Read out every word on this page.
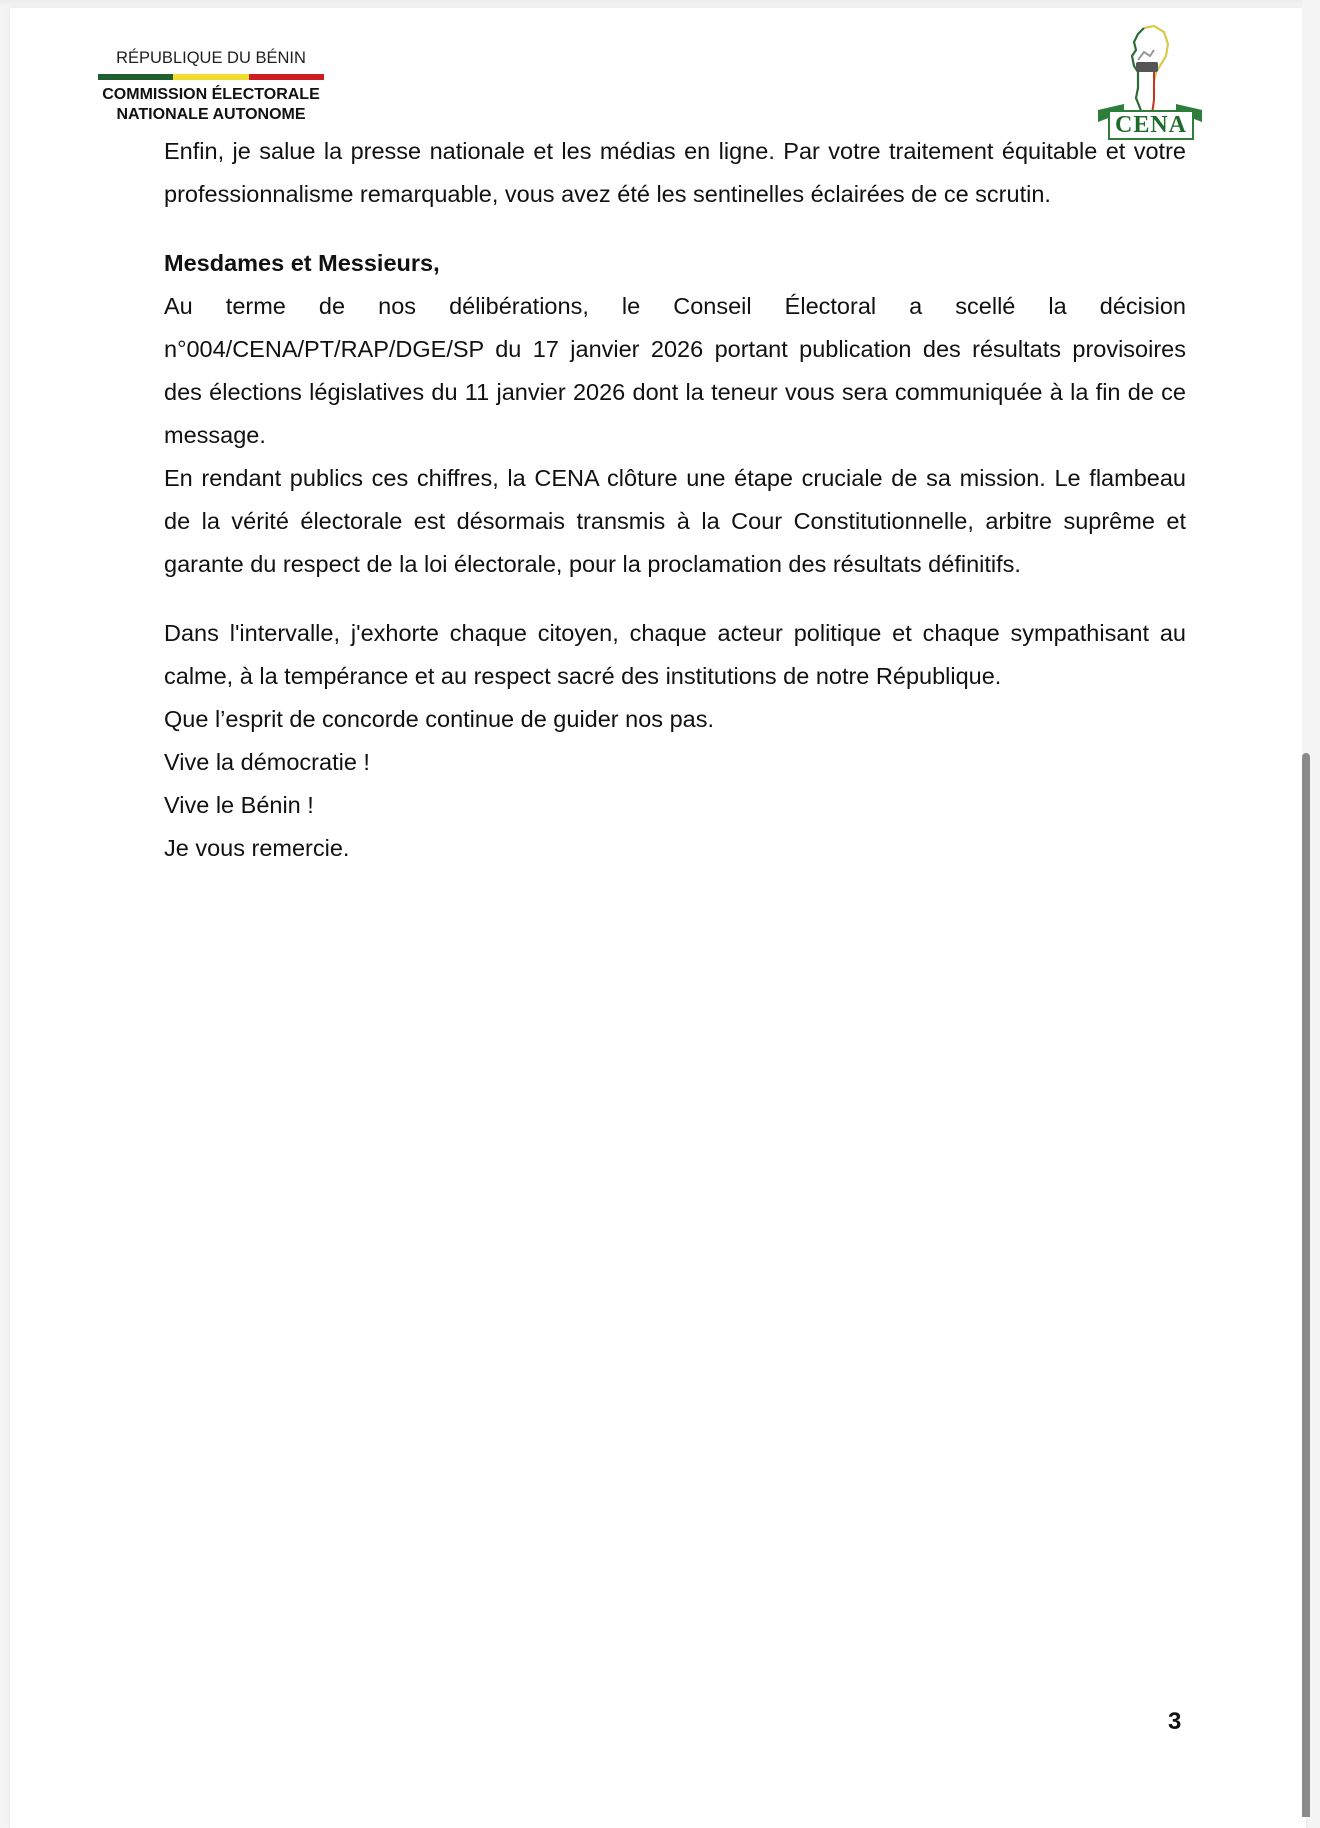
RÉPUBLIQUE DU BÉNIN
COMMISSION ÉLECTORALE
NATIONALE AUTONOME	CENA

Enfin, je salue la presse nationale et les médias en ligne. Par votre traitement équitable et votre professionnalisme remarquable, vous avez été les sentinelles éclairées de ce scrutin.

Mesdames et Messieurs,

Au terme de nos délibérations, le Conseil Électoral a scellé la décision n°004/CENA/PT/RAP/DGE/SP du 17 janvier 2026 portant publication des résultats provisoires des élections législatives du 11 janvier 2026 dont la teneur vous sera communiquée à la fin de ce message.

En rendant publics ces chiffres, la CENA clôture une étape cruciale de sa mission. Le flambeau de la vérité électorale est désormais transmis à la Cour Constitutionnelle, arbitre suprême et garante du respect de la loi électorale, pour la proclamation des résultats définitifs.

Dans l'intervalle, j'exhorte chaque citoyen, chaque acteur politique et chaque sympathisant au calme, à la tempérance et au respect sacré des institutions de notre République.

Que l’esprit de concorde continue de guider nos pas.

Vive la démocratie !

Vive le Bénin !

Je vous remercie.

3
